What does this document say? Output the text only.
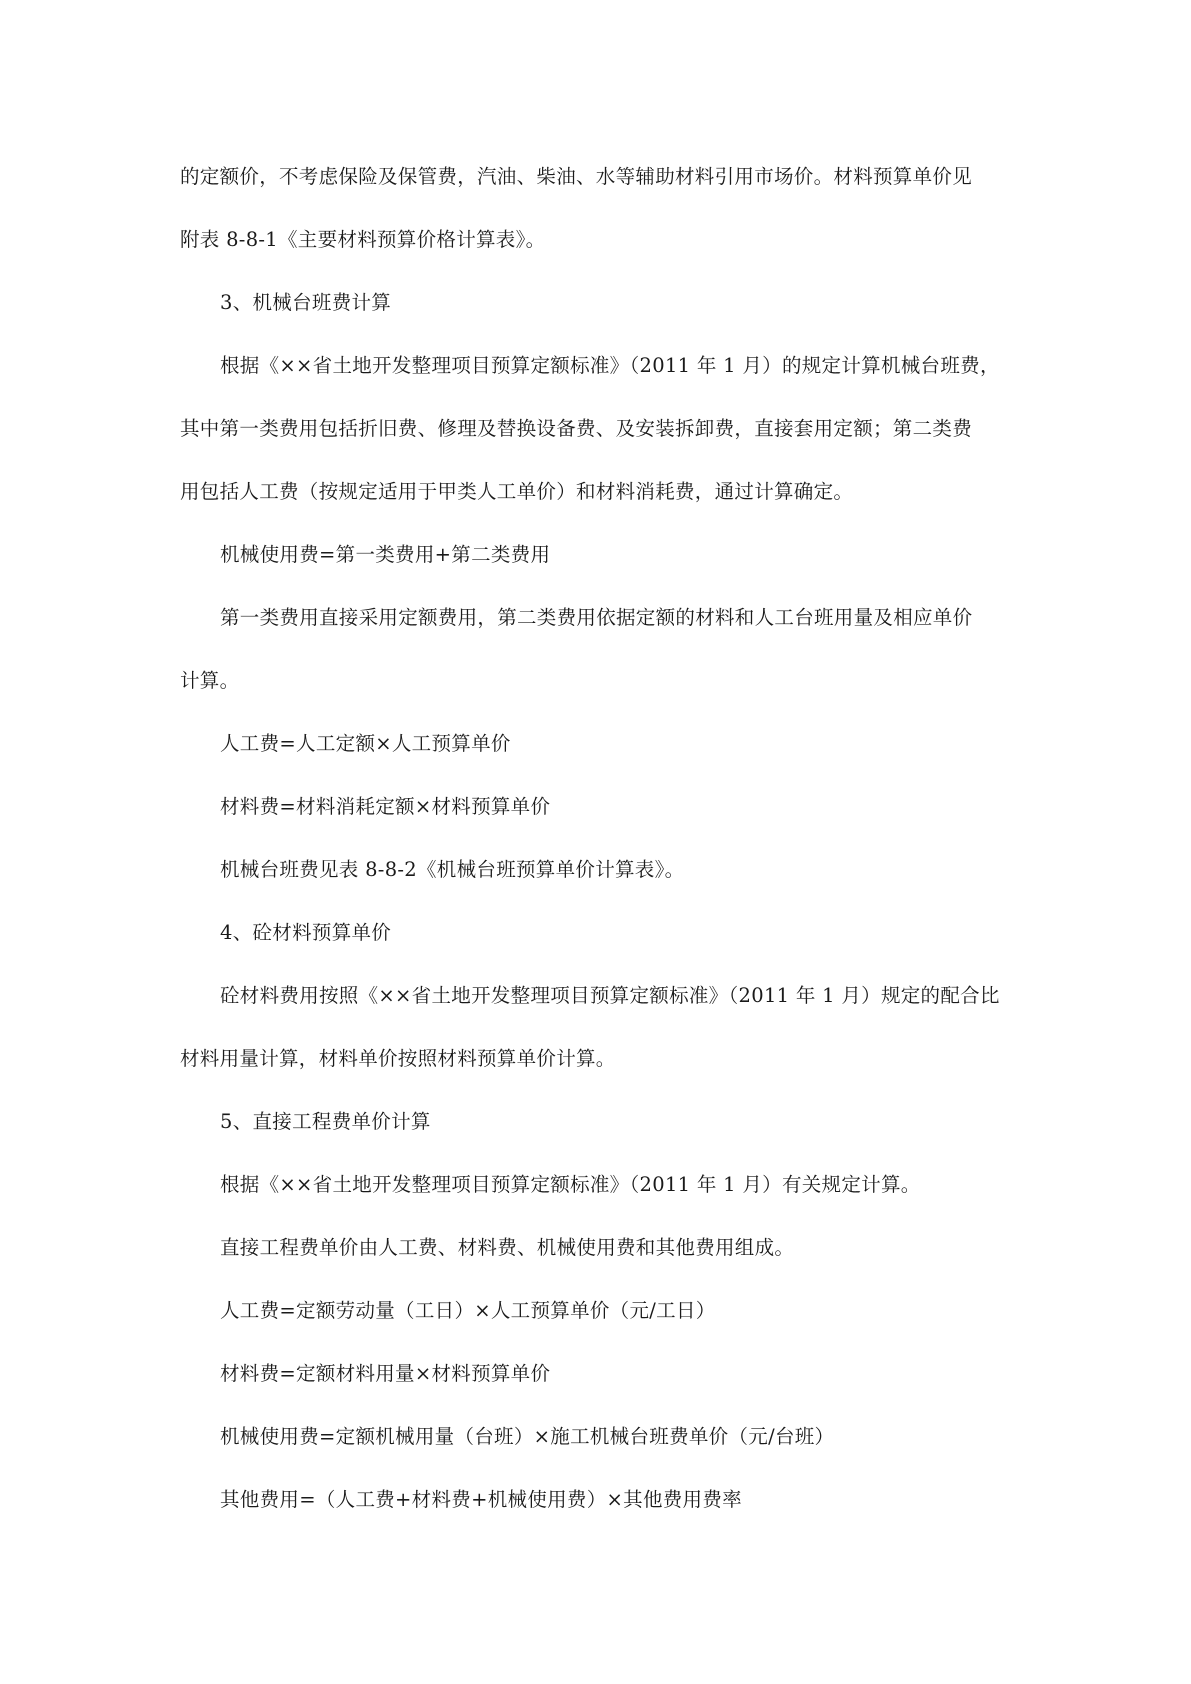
的定额价，不考虑保险及保管费，汽油、柴油、水等辅助材料引用市场价。材料预算单价见
附表 8-8-1《主要材料预算价格计算表》。
3、机械台班费计算
根据《××省土地开发整理项目预算定额标准》（2011 年 1 月）的规定计算机械台班费，
其中第一类费用包括折旧费、修理及替换设备费、及安装拆卸费，直接套用定额；第二类费
用包括人工费（按规定适用于甲类人工单价）和材料消耗费，通过计算确定。
机械使用费=第一类费用+第二类费用
第一类费用直接采用定额费用，第二类费用依据定额的材料和人工台班用量及相应单价
计算。
人工费=人工定额×人工预算单价
材料费=材料消耗定额×材料预算单价
机械台班费见表 8-8-2《机械台班预算单价计算表》。
4、砼材料预算单价
砼材料费用按照《××省土地开发整理项目预算定额标准》（2011 年 1 月）规定的配合比
材料用量计算，材料单价按照材料预算单价计算。
5、直接工程费单价计算
根据《××省土地开发整理项目预算定额标准》（2011 年 1 月）有关规定计算。
直接工程费单价由人工费、材料费、机械使用费和其他费用组成。
人工费=定额劳动量（工日）×人工预算单价（元/工日）
材料费=定额材料用量×材料预算单价
机械使用费=定额机械用量（台班）×施工机械台班费单价（元/台班）
其他费用=（人工费+材料费+机械使用费）×其他费用费率
